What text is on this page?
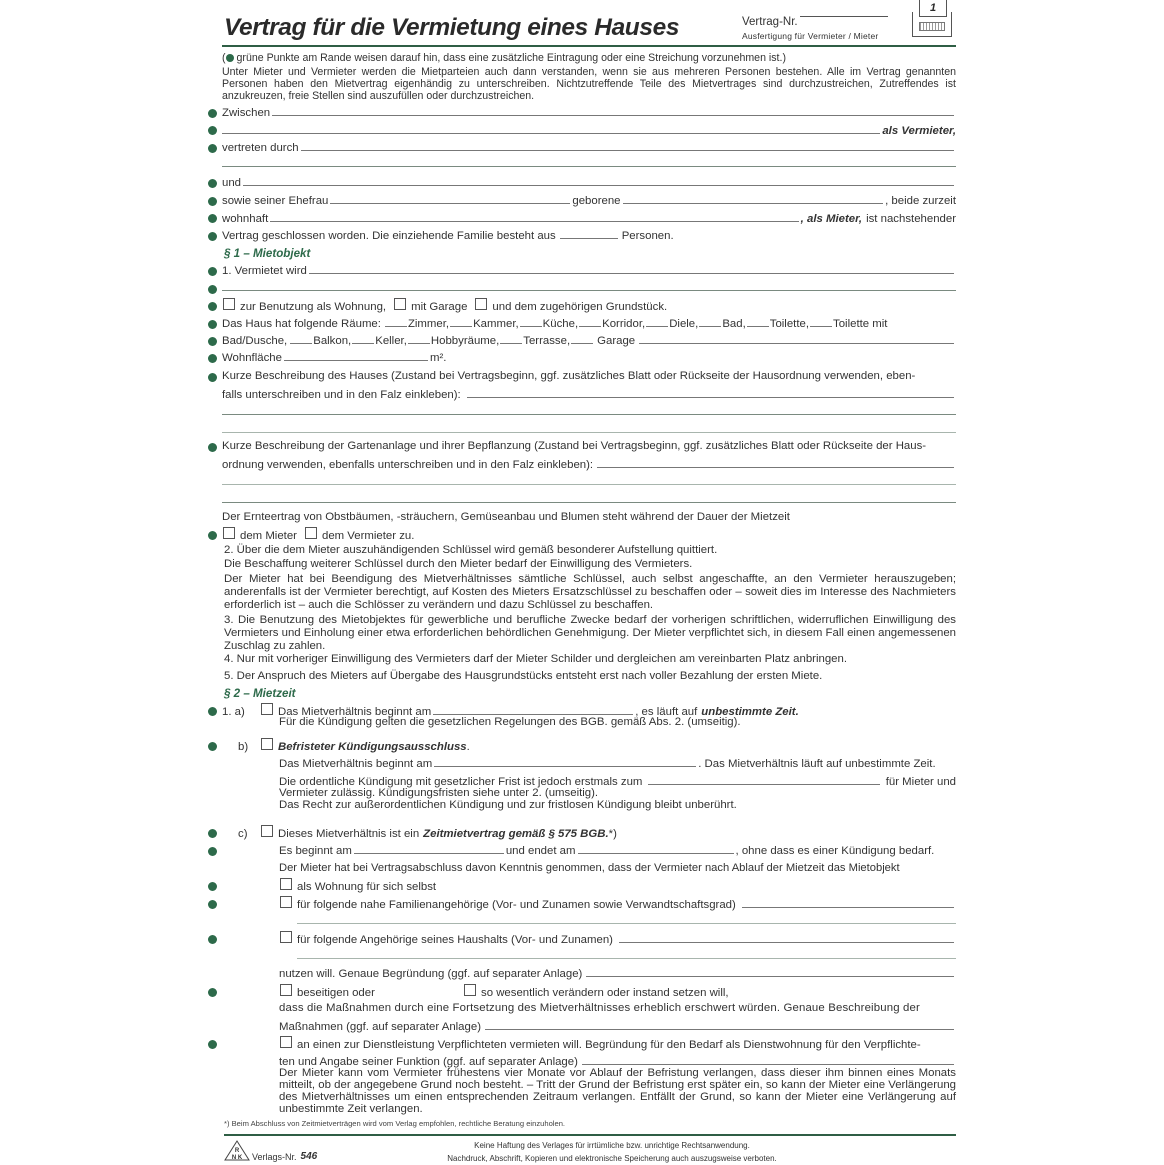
Vertrag für die Vermietung eines Hauses	Vertrag-Nr.
Ausfertigung für Vermieter / Mieter
1
( grüne Punkte am Rande weisen darauf hin, dass eine zusätzliche Eintragung oder eine Streichung vorzunehmen ist.)
Unter Mieter und Vermieter werden die Mietparteien auch dann verstanden, wenn sie aus mehreren Personen bestehen. Alle im Vertrag genannten Personen haben den Mietvertrag eigenhändig zu unterschreiben. Nichtzutreffende Teile des Mietvertrages sind durchzustreichen, Zutreffendes ist anzukreuzen, freie Stellen sind auszufüllen oder durchzustreichen.
Zwischen
als Vermieter,
vertreten durch
und
sowie seiner Ehefrau	geborene	, beide zurzeit
wohnhaft	, als Mieter, ist nachstehender
Vertrag geschlossen worden. Die einziehende Familie besteht aus	Personen.
§ 1 – Mietobjekt
1. Vermietet wird
zur Benutzung als Wohnung, mit Garage und dem zugehörigen Grundstück.
Das Haus hat folgende Räume: Zimmer, Kammer, Küche, Korridor, Diele, Bad, Toilette, Toilette mit
Bad/Dusche, Balkon, Keller, Hobbyräume, Terrasse, Garage
Wohnfläche	m².
Kurze Beschreibung des Hauses (Zustand bei Vertragsbeginn, ggf. zusätzliches Blatt oder Rückseite der Hausordnung verwenden, eben-
falls unterschreiben und in den Falz einkleben):
Kurze Beschreibung der Gartenanlage und ihrer Bepflanzung (Zustand bei Vertragsbeginn, ggf. zusätzliches Blatt oder Rückseite der Haus-
ordnung verwenden, ebenfalls unterschreiben und in den Falz einkleben):
Der Ernteertrag von Obstbäumen, -sträuchern, Gemüseanbau und Blumen steht während der Dauer der Mietzeit
dem Mieter dem Vermieter zu.
2. Über die dem Mieter auszuhändigenden Schlüssel wird gemäß besonderer Aufstellung quittiert.
Die Beschaffung weiterer Schlüssel durch den Mieter bedarf der Einwilligung des Vermieters.
Der Mieter hat bei Beendigung des Mietverhältnisses sämtliche Schlüssel, auch selbst angeschaffte, an den Vermieter herauszugeben; anderenfalls ist der Vermieter berechtigt, auf Kosten des Mieters Ersatzschlüssel zu beschaffen oder – soweit dies im Interesse des Nachmieters erforderlich ist – auch die Schlösser zu verändern und dazu Schlüssel zu beschaffen.
3. Die Benutzung des Mietobjektes für gewerbliche und berufliche Zwecke bedarf der vorherigen schriftlichen, widerruflichen Einwilligung des Vermieters und Einholung einer etwa erforderlichen behördlichen Genehmigung. Der Mieter verpflichtet sich, in diesem Fall einen angemessenen Zuschlag zu zahlen.
4. Nur mit vorheriger Einwilligung des Vermieters darf der Mieter Schilder und dergleichen am vereinbarten Platz anbringen.
5. Der Anspruch des Mieters auf Übergabe des Hausgrundstücks entsteht erst nach voller Bezahlung der ersten Miete.
§ 2 – Mietzeit
1. a)	Das Mietverhältnis beginnt am	, es läuft auf unbestimmte Zeit.
Für die Kündigung gelten die gesetzlichen Regelungen des BGB. gemäß Abs. 2. (umseitig).
b)	Befristeter Kündigungsausschluss .
Das Mietverhältnis beginnt am	. Das Mietverhältnis läuft auf unbestimmte Zeit.
Die ordentliche Kündigung mit gesetzlicher Frist ist jedoch erstmals zum	für Mieter und
Vermieter zulässig. Kündigungsfristen siehe unter 2. (umseitig).
Das Recht zur außerordentlichen Kündigung und zur fristlosen Kündigung bleibt unberührt.
c)	Dieses Mietverhältnis ist ein Zeitmietvertrag gemäß § 575 BGB. *)
Es beginnt am	und endet am	, ohne dass es einer Kündigung bedarf.
Der Mieter hat bei Vertragsabschluss davon Kenntnis genommen, dass der Vermieter nach Ablauf der Mietzeit das Mietobjekt
als Wohnung für sich selbst
für folgende nahe Familienangehörige (Vor- und Zunamen sowie Verwandtschaftsgrad)
für folgende Angehörige seines Haushalts (Vor- und Zunamen)
nutzen will. Genaue Begründung (ggf. auf separater Anlage)
beseitigen oder	so wesentlich verändern oder instand setzen will,
dass die Maßnahmen durch eine Fortsetzung des Mietverhältnisses erheblich erschwert würden. Genaue Beschreibung der
Maßnahmen (ggf. auf separater Anlage)
an einen zur Dienstleistung Verpflichteten vermieten will. Begründung für den Bedarf als Dienstwohnung für den Verpflichte-
ten und Angabe seiner Funktion (ggf. auf separater Anlage)
Der Mieter kann vom Vermieter frühestens vier Monate vor Ablauf der Befristung verlangen, dass dieser ihm binnen eines Monats mitteilt, ob der angegebene Grund noch besteht. – Tritt der Grund der Befristung erst später ein, so kann der Mieter eine Verlängerung des Mietverhältnisses um einen entsprechenden Zeitraum verlangen. Entfällt der Grund, so kann der Mieter eine Verlängerung auf unbestimmte Zeit verlangen.
*) Beim Abschluss von Zeitmietverträgen wird vom Verlag empfohlen, rechtliche Beratung einzuholen.
R
N K Verlags-Nr. 546
Keine Haftung des Verlages für irrtümliche bzw. unrichtige Rechtsanwendung.
Nachdruck, Abschrift, Kopieren und elektronische Speicherung auch auszugsweise verboten.
